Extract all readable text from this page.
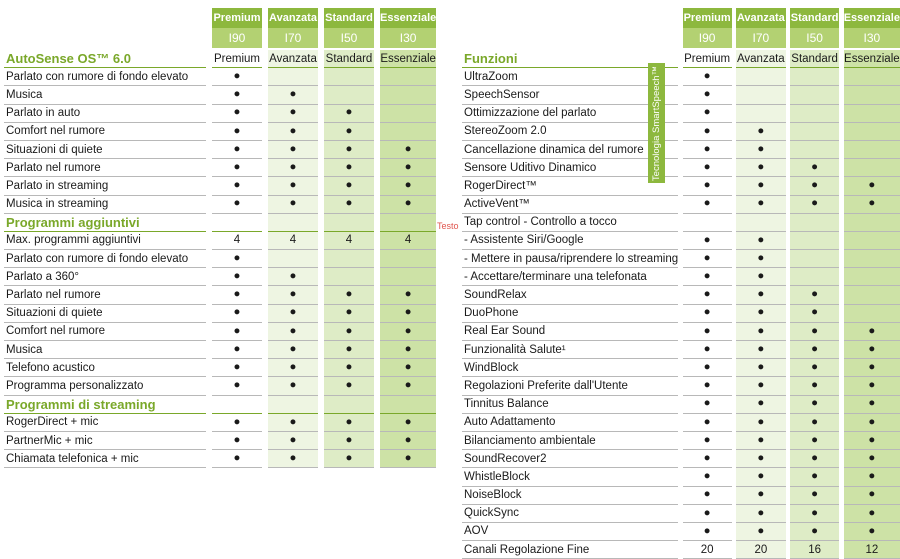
		Premium		Avanzata		Standard		Essenziale
		I90		I70		I50		I30
AutoSense OS™ 6.0		Premium		Avanzata		Standard		Essenziale
Parlato con rumore di fondo elevato		●						
Musica		●		●				
Parlato in auto		●		●		●		
Comfort nel rumore		●		●		●		
Situazioni di quiete		●		●		●		●
Parlato nel rumore		●		●		●		●
Parlato in streaming		●		●		●		●
Musica in streaming		●		●		●		●
Programmi aggiuntivi								
Max. programmi aggiuntivi		4		4		4		4
Parlato con rumore di fondo elevato		●						
Parlato a 360°		●		●				
Parlato nel rumore		●		●		●		●
Situazioni di quiete		●		●		●		●
Comfort nel rumore		●		●		●		●
Musica		●		●		●		●
Telefono acustico		●		●		●		●
Programma personalizzato		●		●		●		●
Programmi di streaming								
RogerDirect + mic		●		●		●		●
PartnerMic + mic		●		●		●		●
Chiamata telefonica + mic		●		●		●		●
		Premium		Avanzata		Standard		Essenziale
		I90		I70		I50		I30
Funzioni		Premium		Avanzata		Standard		Essenziale
UltraZoom		●						
SpeechSensor		●						
Ottimizzazione del parlato		●						
StereoZoom 2.0		●		●				
Cancellazione dinamica del rumore		●		●				
Sensore Uditivo Dinamico		●		●		●		
RogerDirect™		●		●		●		●
ActiveVent™		●		●		●		●
Tap control - Controllo a tocco								
- Assistente Siri/Google		●		●				
- Mettere in pausa/riprendere lo streaming		●		●				
- Accettare/terminare una telefonata		●		●				
SoundRelax		●		●		●		
DuoPhone		●		●		●		
Real Ear Sound		●		●		●		●
Funzionalità Salute¹		●		●		●		●
WindBlock		●		●		●		●
Regolazioni Preferite dall'Utente		●		●		●		●
Tinnitus Balance		●		●		●		●
Auto Adattamento		●		●		●		●
Bilanciamento ambientale		●		●		●		●
SoundRecover2		●		●		●		●
WhistleBlock		●		●		●		●
NoiseBlock		●		●		●		●
QuickSync		●		●		●		●
AOV		●		●		●		●
Canali Regolazione Fine		20		20		16		12
Testo
Tecnologia SmartSpeech™
